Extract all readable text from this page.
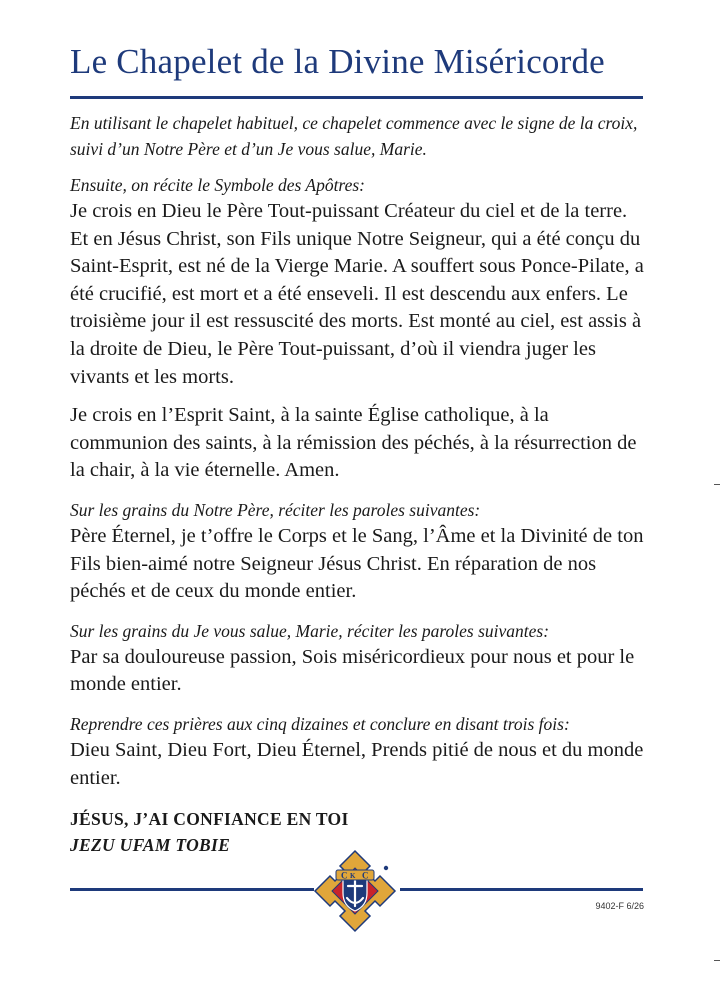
Le Chapelet de la Divine Miséricorde

En utilisant le chapelet habituel, ce chapelet commence avec le signe de la croix, suivi d’un Notre Père et d’un Je vous salue, Marie.

Ensuite, on récite le Symbole des Apôtres:

Je crois en Dieu le Père Tout-puissant Créateur du ciel et de la terre. Et en Jésus Christ, son Fils unique Notre Seigneur, qui a été conçu du Saint-Esprit, est né de la Vierge Marie. A souffert sous Ponce-Pilate, a été crucifié, est mort et a été enseveli. Il est descendu aux enfers. Le troisième jour il est ressuscité des morts. Est monté au ciel, est assis à la droite de Dieu, le Père Tout-puissant, d’où il viendra juger les vivants et les morts.

Je crois en l’Esprit Saint, à la sainte Église catholique, à la communion des saints, à la rémission des péchés, à la résurrection de la chair, à la vie éternelle. Amen.

Sur les grains du Notre Père, réciter les paroles suivantes:

Père Éternel, je t’offre le Corps et le Sang, l’Âme et la Divinité de ton Fils bien-aimé notre Seigneur Jésus Christ. En réparation de nos péchés et de ceux du monde entier.

Sur les grains du Je vous salue, Marie, réciter les paroles suivantes:

Par sa douloureuse passion, Sois miséricordieux pour nous et pour le monde entier.

Reprendre ces prières aux cinq dizaines et conclure en disant trois fois:

Dieu Saint, Dieu Fort, Dieu Éternel, Prends pitié de nous et du monde entier.

JÉSUS, J’AI CONFIANCE EN TOI

JEZU UFAM TOBIE

C K C
9402-F 6/26
